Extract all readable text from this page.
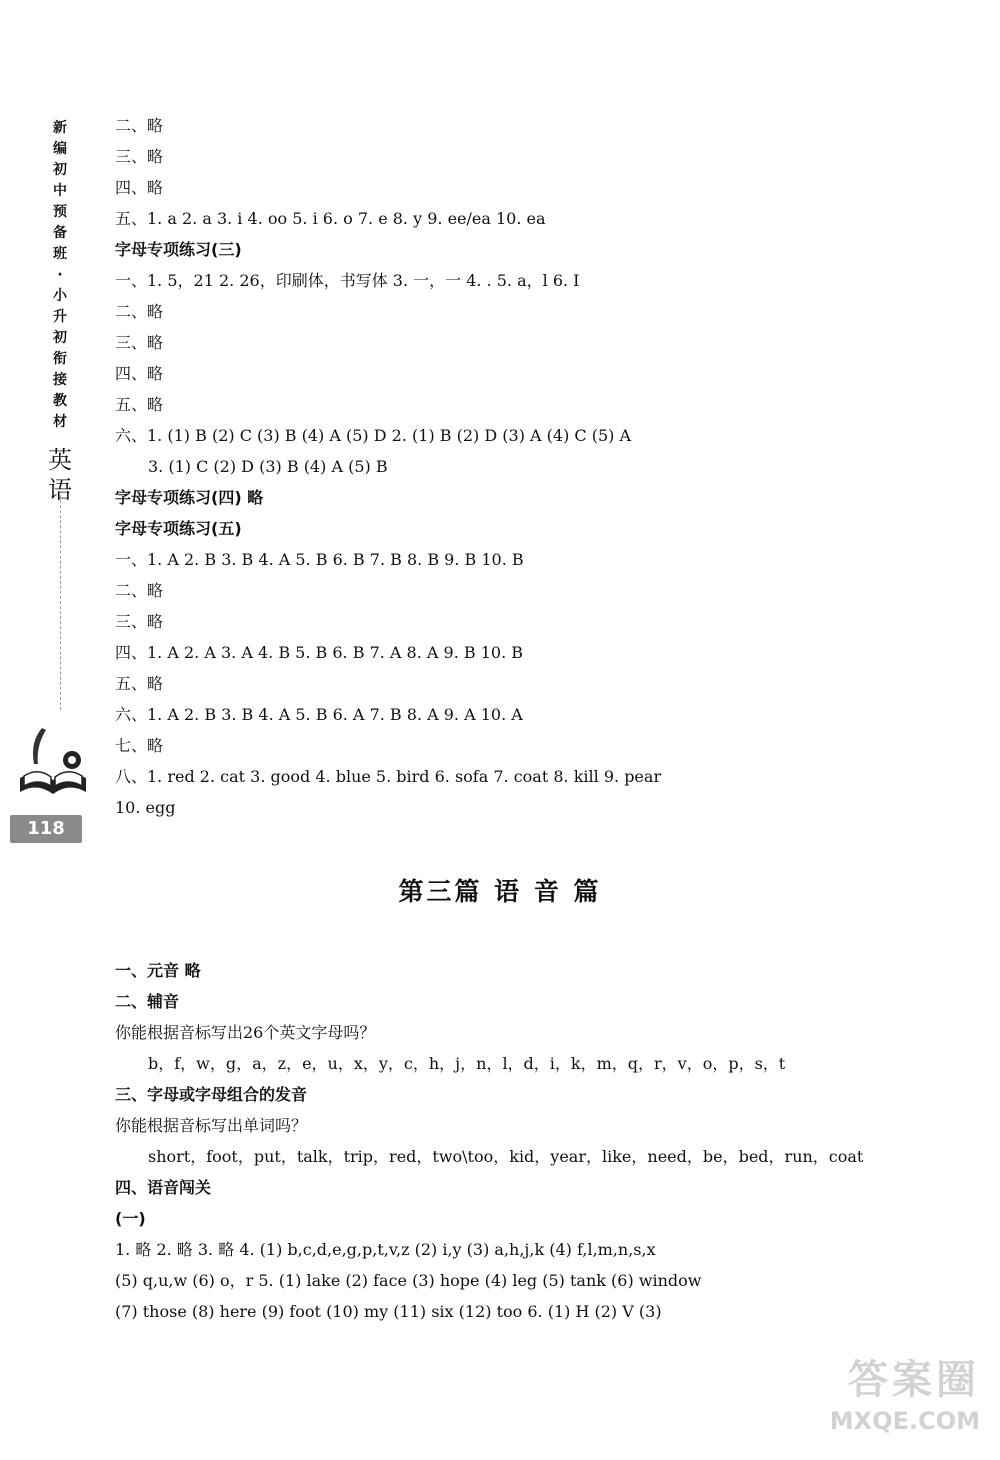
新
编
初
中
预
备
班
·
小
升
初
衔
接
教
材
英
语
118
二、略
三、略
四、略
五、1. a 2. a 3. i 4. oo 5. i 6. o 7. e 8. y 9. ee/ea 10. ea
字母专项练习(三)
一、1. 5，21 2. 26，印刷体，书写体 3. 一，一 4. . 5. a，l 6. I
二、略
三、略
四、略
五、略
六、1. (1) B (2) C (3) B (4) A (5) D 2. (1) B (2) D (3) A (4) C (5) A
3. (1) C (2) D (3) B (4) A (5) B
字母专项练习(四) 略
字母专项练习(五)
一、1. A 2. B 3. B 4. A 5. B 6. B 7. B 8. B 9. B 10. B
二、略
三、略
四、1. A 2. A 3. A 4. B 5. B 6. B 7. A 8. A 9. B 10. B
五、略
六、1. A 2. B 3. B 4. A 5. B 6. A 7. B 8. A 9. A 10. A
七、略
八、1. red 2. cat 3. good 4. blue 5. bird 6. sofa 7. coat 8. kill 9. pear
10. egg
第三篇 语 音 篇
一、元音 略
二、辅音
你能根据音标写出26个英文字母吗？
b，f，w，g，a，z，e，u，x，y，c，h，j，n，l，d，i，k，m，q，r，v，o，p，s，t
三、字母或字母组合的发音
你能根据音标写出单词吗？
short，foot，put，talk，trip，red，two\too，kid，year，like，need，be，bed，run，coat
四、语音闯关
(一)
1. 略 2. 略 3. 略 4. (1) b,c,d,e,g,p,t,v,z (2) i,y (3) a,h,j,k (4) f,l,m,n,s,x
(5) q,u,w (6) o，r 5. (1) lake (2) face (3) hope (4) leg (5) tank (6) window
(7) those (8) here (9) foot (10) my (11) six (12) too 6. (1) H (2) V (3)
答案圈
MXQE.COM
